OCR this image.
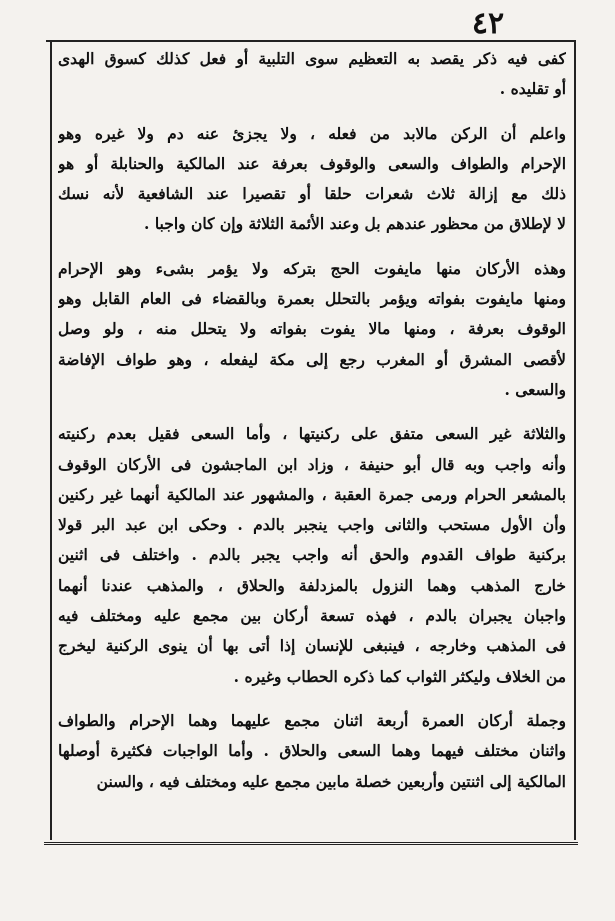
٤٢
كفى فيه ذكر يقصد به التعظيم سوى التلبية أو فعل كذلك كسوق الهدى
أو تقليده .
واعلم أن الركن مالابد من فعله ، ولا يجزئ عنه دم ولا غيره وهو
الإحرام والطواف والسعى والوقوف بعرفة عند المالكية والحنابلة أو هو
ذلك مع إزالة ثلاث شعرات حلقا أو تقصيرا عند الشافعية لأنه نسك
لا لإطلاق من محظور عندهم بل وعند الأئمة الثلاثة وإن كان واجبا .
وهذه الأركان منها مايفوت الحج بتركه ولا يؤمر بشىء وهو الإحرام
ومنها مايفوت بفواته ويؤمر بالتحلل بعمرة وبالقضاء فى العام القابل وهو
الوقوف بعرفة ، ومنها مالا يفوت بفواته ولا يتحلل منه ، ولو وصل
لأقصى المشرق أو المغرب رجع إلى مكة ليفعله ، وهو طواف الإفاضة
والسعى .
والثلاثة غير السعى متفق على ركنيتها ، وأما السعى فقيل بعدم ركنيته
وأنه واجب وبه قال أبو حنيفة ، وزاد ابن الماجشون فى الأركان الوقوف
بالمشعر الحرام ورمى جمرة العقبة ، والمشهور عند المالكية أنهما غير ركنين
وأن الأول مستحب والثانى واجب ينجبر بالدم . وحكى ابن عبد البر قولا
بركنية طواف القدوم والحق أنه واجب يجبر بالدم . واختلف فى اثنين
خارج المذهب وهما النزول بالمزدلفة والحلاق ، والمذهب عندنا أنهما
واجبان يجبران بالدم ، فهذه تسعة أركان بين مجمع عليه ومختلف فيه
فى المذهب وخارجه ، فينبغى للإنسان إذا أتى بها أن ينوى الركنية ليخرج
من الخلاف وليكثر الثواب كما ذكره الحطاب وغيره .
وجملة أركان العمرة أربعة اثنان مجمع عليهما وهما الإحرام والطواف
واثنان مختلف فيهما وهما السعى والحلاق . وأما الواجبات فكثيرة أوصلها
المالكية إلى اثنتين وأربعين خصلة مابين مجمع عليه ومختلف فيه ، والسنن
